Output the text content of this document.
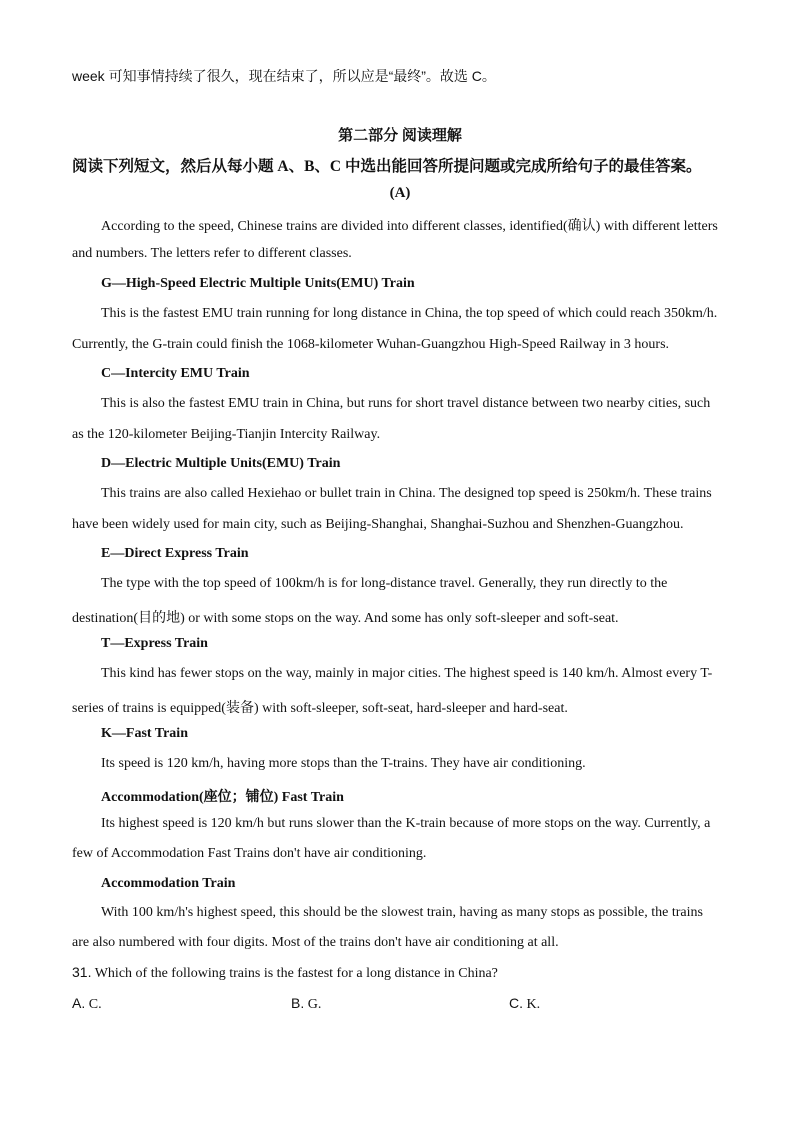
week 可知事情持续了很久，现在结束了，所以应是“最终”。故选 C。
第二部分 阅读理解
阅读下列短文，然后从每小题 A、B、C 中选出能回答所提问题或完成所给句子的最佳答案。
(A)
According to the speed, Chinese trains are divided into different classes, identified(确认) with different letters
and numbers. The letters refer to different classes.
G—High-Speed Electric Multiple Units(EMU) Train
This is the fastest EMU train running for long distance in China, the top speed of which could reach 350km/h.
Currently, the G-train could finish the 1068-kilometer Wuhan-Guangzhou High-Speed Railway in 3 hours.
C—Intercity EMU Train
This is also the fastest EMU train in China, but runs for short travel distance between two nearby cities, such
as the 120-kilometer Beijing-Tianjin Intercity Railway.
D—Electric Multiple Units(EMU) Train
This trains are also called Hexiehao or bullet train in China. The designed top speed is 250km/h. These trains
have been widely used for main city, such as Beijing-Shanghai, Shanghai-Suzhou and Shenzhen-Guangzhou.
E—Direct Express Train
The type with the top speed of 100km/h is for long-distance travel. Generally, they run directly to the
destination(目的地) or with some stops on the way. And some has only soft-sleeper and soft-seat.
T—Express Train
This kind has fewer stops on the way, mainly in major cities. The highest speed is 140 km/h. Almost every T-
series of trains is equipped(装备) with soft-sleeper, soft-seat, hard-sleeper and hard-seat.
K—Fast Train
Its speed is 120 km/h, having more stops than the T-trains. They have air conditioning.
Accommodation(座位；铺位) Fast Train
Its highest speed is 120 km/h but runs slower than the K-train because of more stops on the way. Currently, a
few of Accommodation Fast Trains don't have air conditioning.
Accommodation Train
With 100 km/h's highest speed, this should be the slowest train, having as many stops as possible, the trains
are also numbered with four digits. Most of the trains don't have air conditioning at all.
31. Which of the following trains is the fastest for a long distance in China?
A. C.	B. G.	C. K.
